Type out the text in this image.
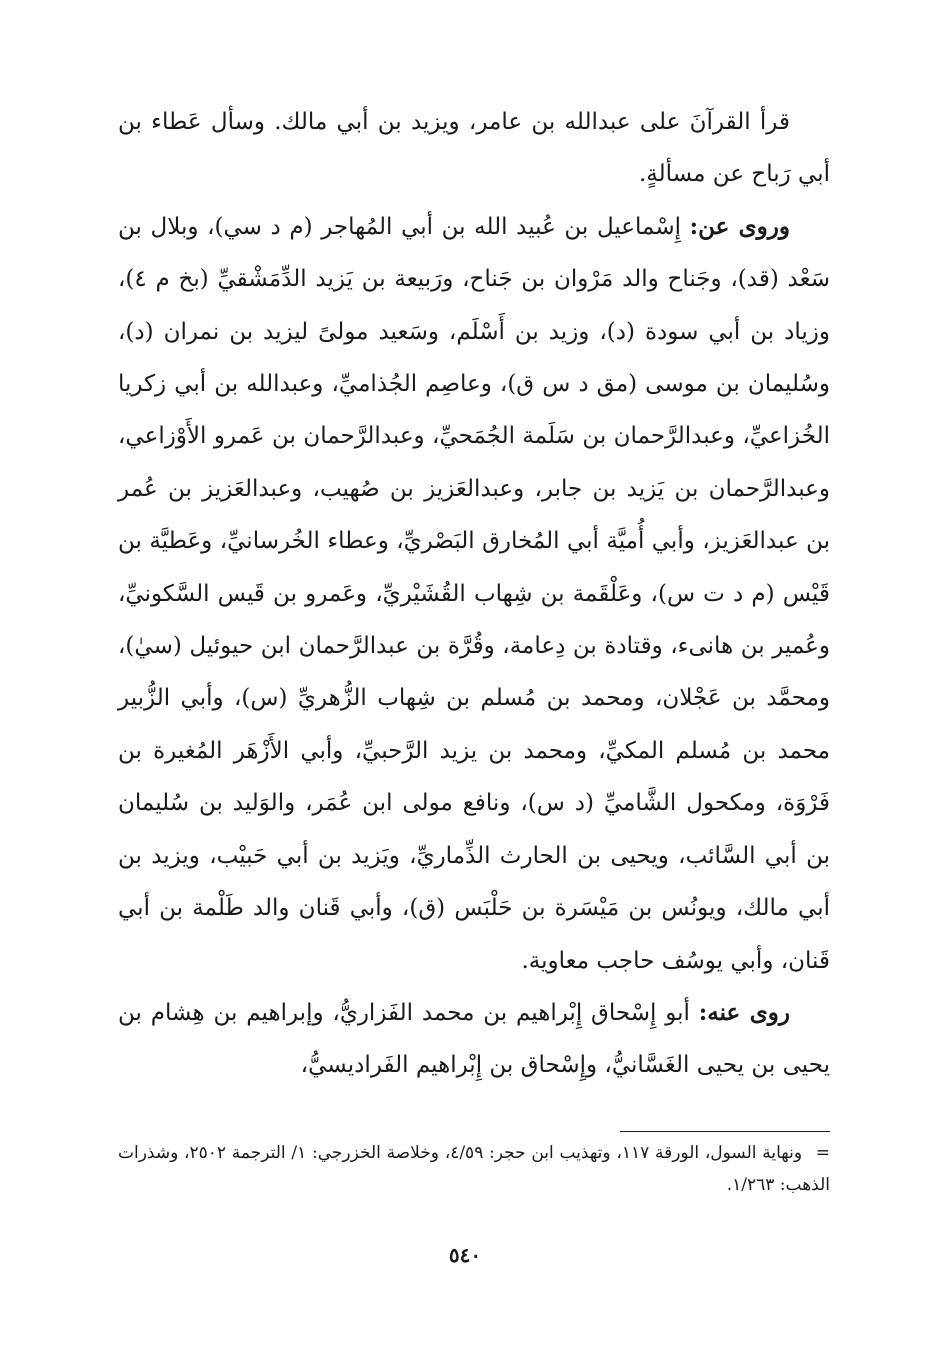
قرأ القرآنَ على عبدالله بن عامر، ويزيد بن أبي مالك. وسأل عَطاء بن أبي رَباح عن مسألةٍ.

وروى عن: إِسْماعيل بن عُبيد الله بن أبي المُهاجر (م د سي)، وبلال بن سَعْد (قد)، وجَناح والد مَرْوان بن جَناح، ورَبيعة بن يَزيد الدِّمَشْقيِّ (بخ م ٤)، وزياد بن أبي سودة (د)، وزيد بن أَسْلَم، وسَعيد مولىً ليزيد بن نمران (د)، وسُليمان بن موسى (مق د س ق)، وعاصِم الجُذاميِّ، وعبدالله بن أبي زكريا الخُزاعيِّ، وعبدالرَّحمان بن سَلَمة الجُمَحيِّ، وعبدالرَّحمان بن عَمرو الأَوْزاعي، وعبدالرَّحمان بن يَزيد بن جابر، وعبدالعَزيز بن صُهيب، وعبدالعَزيز بن عُمر بن عبدالعَزيز، وأبي أُميَّة أبي المُخارق البَصْريِّ، وعطاء الخُرسانيِّ، وعَطيَّة بن قَيْس (م د ت س)، وعَلْقَمة بن شِهاب القُشَيْريِّ، وعَمرو بن قَيس السَّكونيِّ، وعُمير بن هانىء، وقتادة بن دِعامة، وقُرَّة بن عبدالرَّحمان ابن حيوئيل (سيٰ)، ومحمَّد بن عَجْلان، ومحمد بن مُسلم بن شِهاب الزُّهريِّ (س)، وأبي الزُّبير محمد بن مُسلم المكيِّ، ومحمد بن يزيد الرَّحبيِّ، وأبي الأَزْهَر المُغيرة بن فَرْوَة، ومكحول الشَّاميِّ (د س)، ونافع مولى ابن عُمَر، والوَليد بن سُليمان بن أبي السَّائب، ويحيى بن الحارث الذِّماريِّ، ويَزيد بن أبي حَبيْب، ويزيد بن أبي مالك، ويونُس بن مَيْسَرة بن حَلْبَس (ق)، وأبي قَنان والد طَلْمة بن أبي قَنان، وأبي يوسُف حاجب معاوية.

روى عنه: أبو إِسْحاق إِبْراهيم بن محمد الفَزاريُّ، وإبراهيم بن هِشام بن يحيى بن يحيى الغَسَّانيُّ، وإِسْحاق بن إِبْراهيم الفَراديسيُّ،

= ونهاية السول، الورقة ١١٧، وتهذيب ابن حجر: ٤/٥٩، وخلاصة الخزرجي: ١/ الترجمة ٢٥٠٢، وشذرات الذهب: ١/٢٦٣.
٥٤٠
